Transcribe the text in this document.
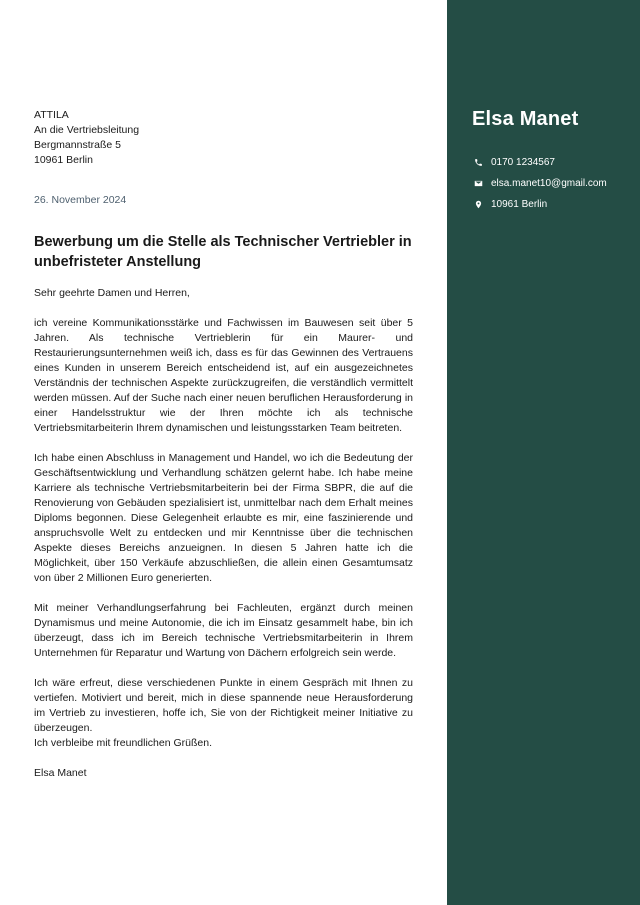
Elsa Manet
0170 1234567
elsa.manet10@gmail.com
10961 Berlin
ATTILA
An die Vertriebsleitung
Bergmannstraße 5
10961 Berlin
26. November 2024
Bewerbung um die Stelle als Technischer Vertriebler in unbefristeter Anstellung
Sehr geehrte Damen und Herren,
ich vereine Kommunikationsstärke und Fachwissen im Bauwesen seit über 5 Jahren. Als technische Vertrieblerin für ein Maurer- und Restaurierungsunternehmen weiß ich, dass es für das Gewinnen des Vertrauens eines Kunden in unserem Bereich entscheidend ist, auf ein ausgezeichnetes Verständnis der technischen Aspekte zurückzugreifen, die verständlich vermittelt werden müssen. Auf der Suche nach einer neuen beruflichen Herausforderung in einer Handelsstruktur wie der Ihren möchte ich als technische Vertriebsmitarbeiterin Ihrem dynamischen und leistungsstarken Team beitreten.
Ich habe einen Abschluss in Management und Handel, wo ich die Bedeutung der Geschäftsentwicklung und Verhandlung schätzen gelernt habe. Ich habe meine Karriere als technische Vertriebsmitarbeiterin bei der Firma SBPR, die auf die Renovierung von Gebäuden spezialisiert ist, unmittelbar nach dem Erhalt meines Diploms begonnen. Diese Gelegenheit erlaubte es mir, eine faszinierende und anspruchsvolle Welt zu entdecken und mir Kenntnisse über die technischen Aspekte dieses Bereichs anzueignen. In diesen 5 Jahren hatte ich die Möglichkeit, über 150 Verkäufe abzuschließen, die allein einen Gesamtumsatz von über 2 Millionen Euro generierten.
Mit meiner Verhandlungserfahrung bei Fachleuten, ergänzt durch meinen Dynamismus und meine Autonomie, die ich im Einsatz gesammelt habe, bin ich überzeugt, dass ich im Bereich technische Vertriebsmitarbeiterin in Ihrem Unternehmen für Reparatur und Wartung von Dächern erfolgreich sein werde.
Ich wäre erfreut, diese verschiedenen Punkte in einem Gespräch mit Ihnen zu vertiefen. Motiviert und bereit, mich in diese spannende neue Herausforderung im Vertrieb zu investieren, hoffe ich, Sie von der Richtigkeit meiner Initiative zu überzeugen.
Ich verbleibe mit freundlichen Grüßen.
Elsa Manet
